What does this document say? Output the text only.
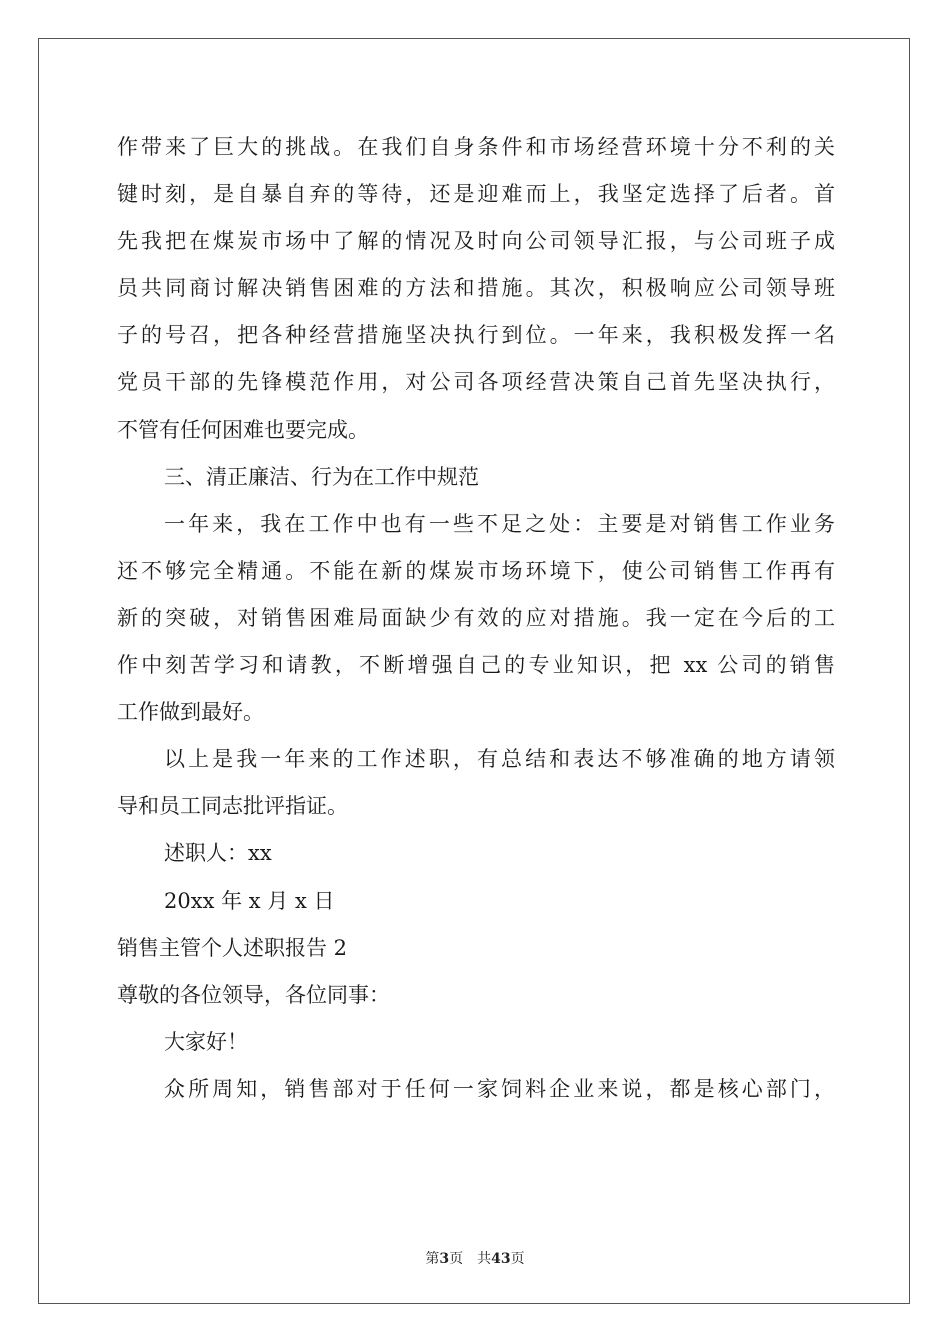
作带来了巨大的挑战。在我们自身条件和市场经营环境十分不利的关
键时刻，是自暴自弃的等待，还是迎难而上，我坚定选择了后者。首
先我把在煤炭市场中了解的情况及时向公司领导汇报，与公司班子成
员共同商讨解决销售困难的方法和措施。其次，积极响应公司领导班
子的号召，把各种经营措施坚决执行到位。一年来，我积极发挥一名
党员干部的先锋模范作用，对公司各项经营决策自己首先坚决执行，
不管有任何困难也要完成。
三、清正廉洁、行为在工作中规范
一年来，我在工作中也有一些不足之处：主要是对销售工作业务
还不够完全精通。不能在新的煤炭市场环境下，使公司销售工作再有
新的突破，对销售困难局面缺少有效的应对措施。我一定在今后的工
作中刻苦学习和请教，不断增强自己的专业知识，把 xx 公司的销售
工作做到最好。
以上是我一年来的工作述职，有总结和表达不够准确的地方请领
导和员工同志批评指证。
述职人：xx
20xx 年 x 月 x 日
销售主管个人述职报告 2
尊敬的各位领导，各位同事：
大家好！
众所周知，销售部对于任何一家饲料企业来说，都是核心部门，
第3页　共43页
